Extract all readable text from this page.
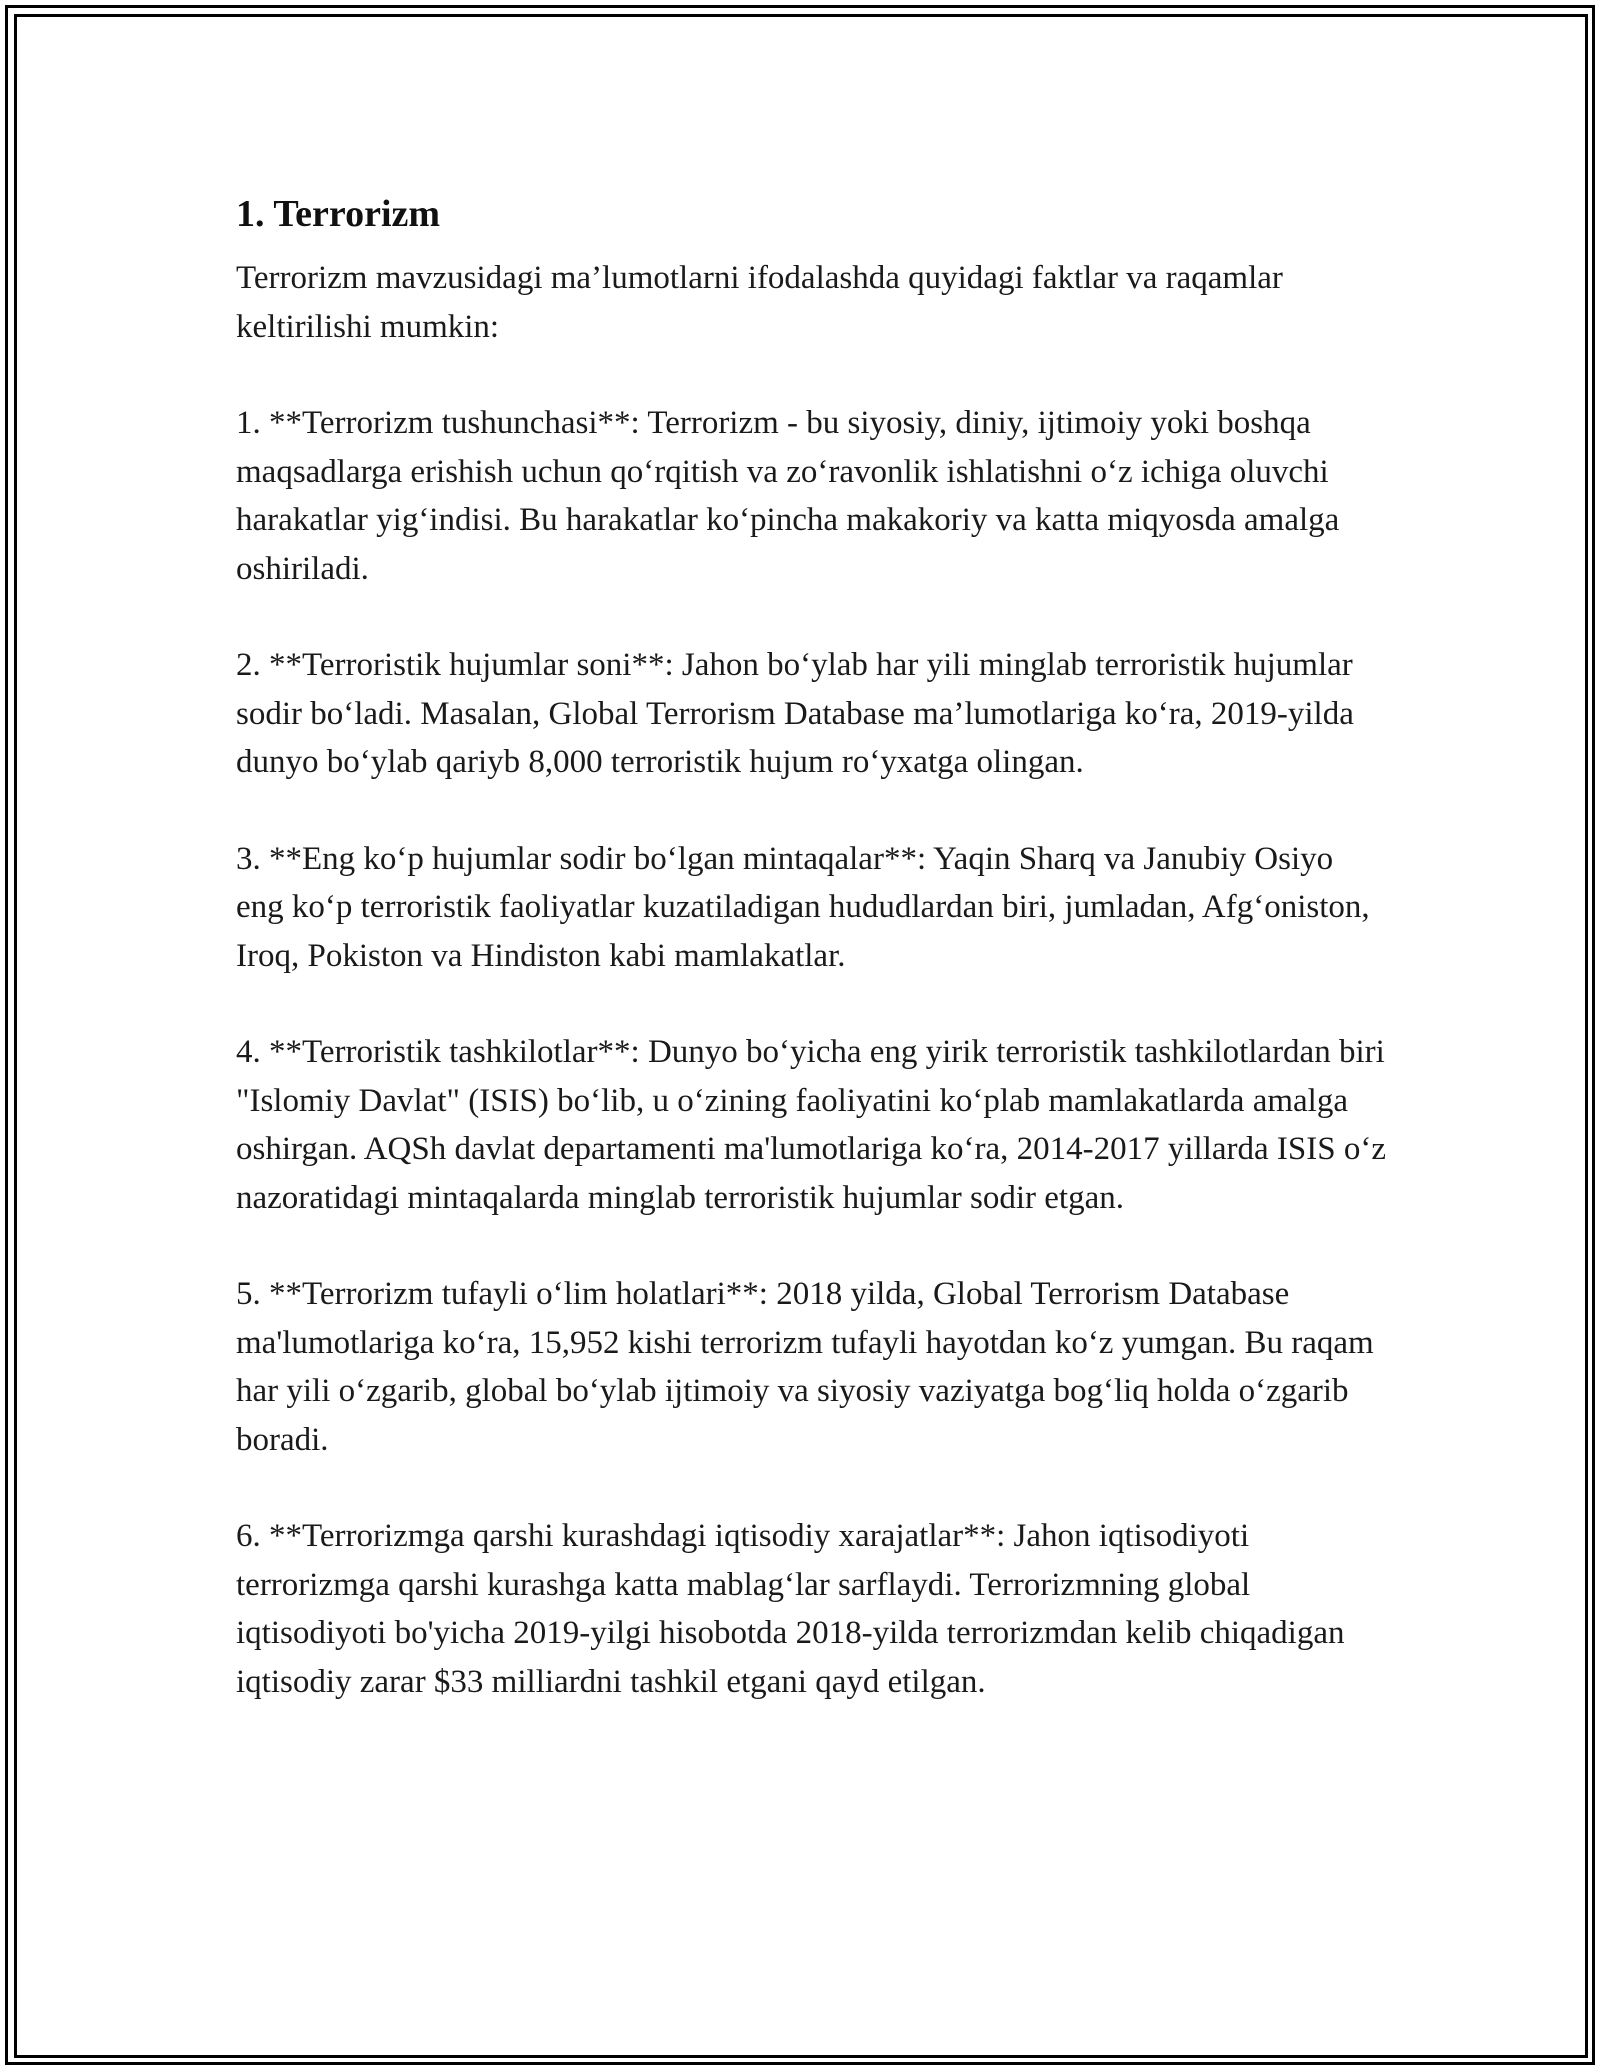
1. Terrorizm

Terrorizm mavzusidagi ma’lumotlarni ifodalashda quyidagi faktlar va raqamlar keltirilishi mumkin:

1. **Terrorizm tushunchasi**: Terrorizm - bu siyosiy, diniy, ijtimoiy yoki boshqa maqsadlarga erishish uchun qo‘rqitish va zo‘ravonlik ishlatishni o‘z ichiga oluvchi harakatlar yig‘indisi. Bu harakatlar ko‘pincha makakoriy va katta miqyosda amalga oshiriladi.

2. **Terroristik hujumlar soni**: Jahon bo‘ylab har yili minglab terroristik hujumlar sodir bo‘ladi. Masalan, Global Terrorism Database ma’lumotlariga ko‘ra, 2019-yilda dunyo bo‘ylab qariyb 8,000 terroristik hujum ro‘yxatga olingan.

3. **Eng ko‘p hujumlar sodir bo‘lgan mintaqalar**: Yaqin Sharq va Janubiy Osiyo eng ko‘p terroristik faoliyatlar kuzatiladigan hududlardan biri, jumladan, Afg‘oniston, Iroq, Pokiston va Hindiston kabi mamlakatlar.

4. **Terroristik tashkilotlar**: Dunyo bo‘yicha eng yirik terroristik tashkilotlardan biri "Islomiy Davlat" (ISIS) bo‘lib, u o‘zining faoliyatini ko‘plab mamlakatlarda amalga oshirgan. AQSh davlat departamenti ma'lumotlariga ko‘ra, 2014-2017 yillarda ISIS o‘z nazoratidagi mintaqalarda minglab terroristik hujumlar sodir etgan.

5. **Terrorizm tufayli o‘lim holatlari**: 2018 yilda, Global Terrorism Database ma'lumotlariga ko‘ra, 15,952 kishi terrorizm tufayli hayotdan ko‘z yumgan. Bu raqam har yili o‘zgarib, global bo‘ylab ijtimoiy va siyosiy vaziyatga bog‘liq holda o‘zgarib boradi.

6. **Terrorizmga qarshi kurashdagi iqtisodiy xarajatlar**: Jahon iqtisodiyoti terrorizmga qarshi kurashga katta mablag‘lar sarflaydi. Terrorizmning global iqtisodiyoti bo'yicha 2019-yilgi hisobotda 2018-yilda terrorizmdan kelib chiqadigan iqtisodiy zarar $33 milliardni tashkil etgani qayd etilgan.
